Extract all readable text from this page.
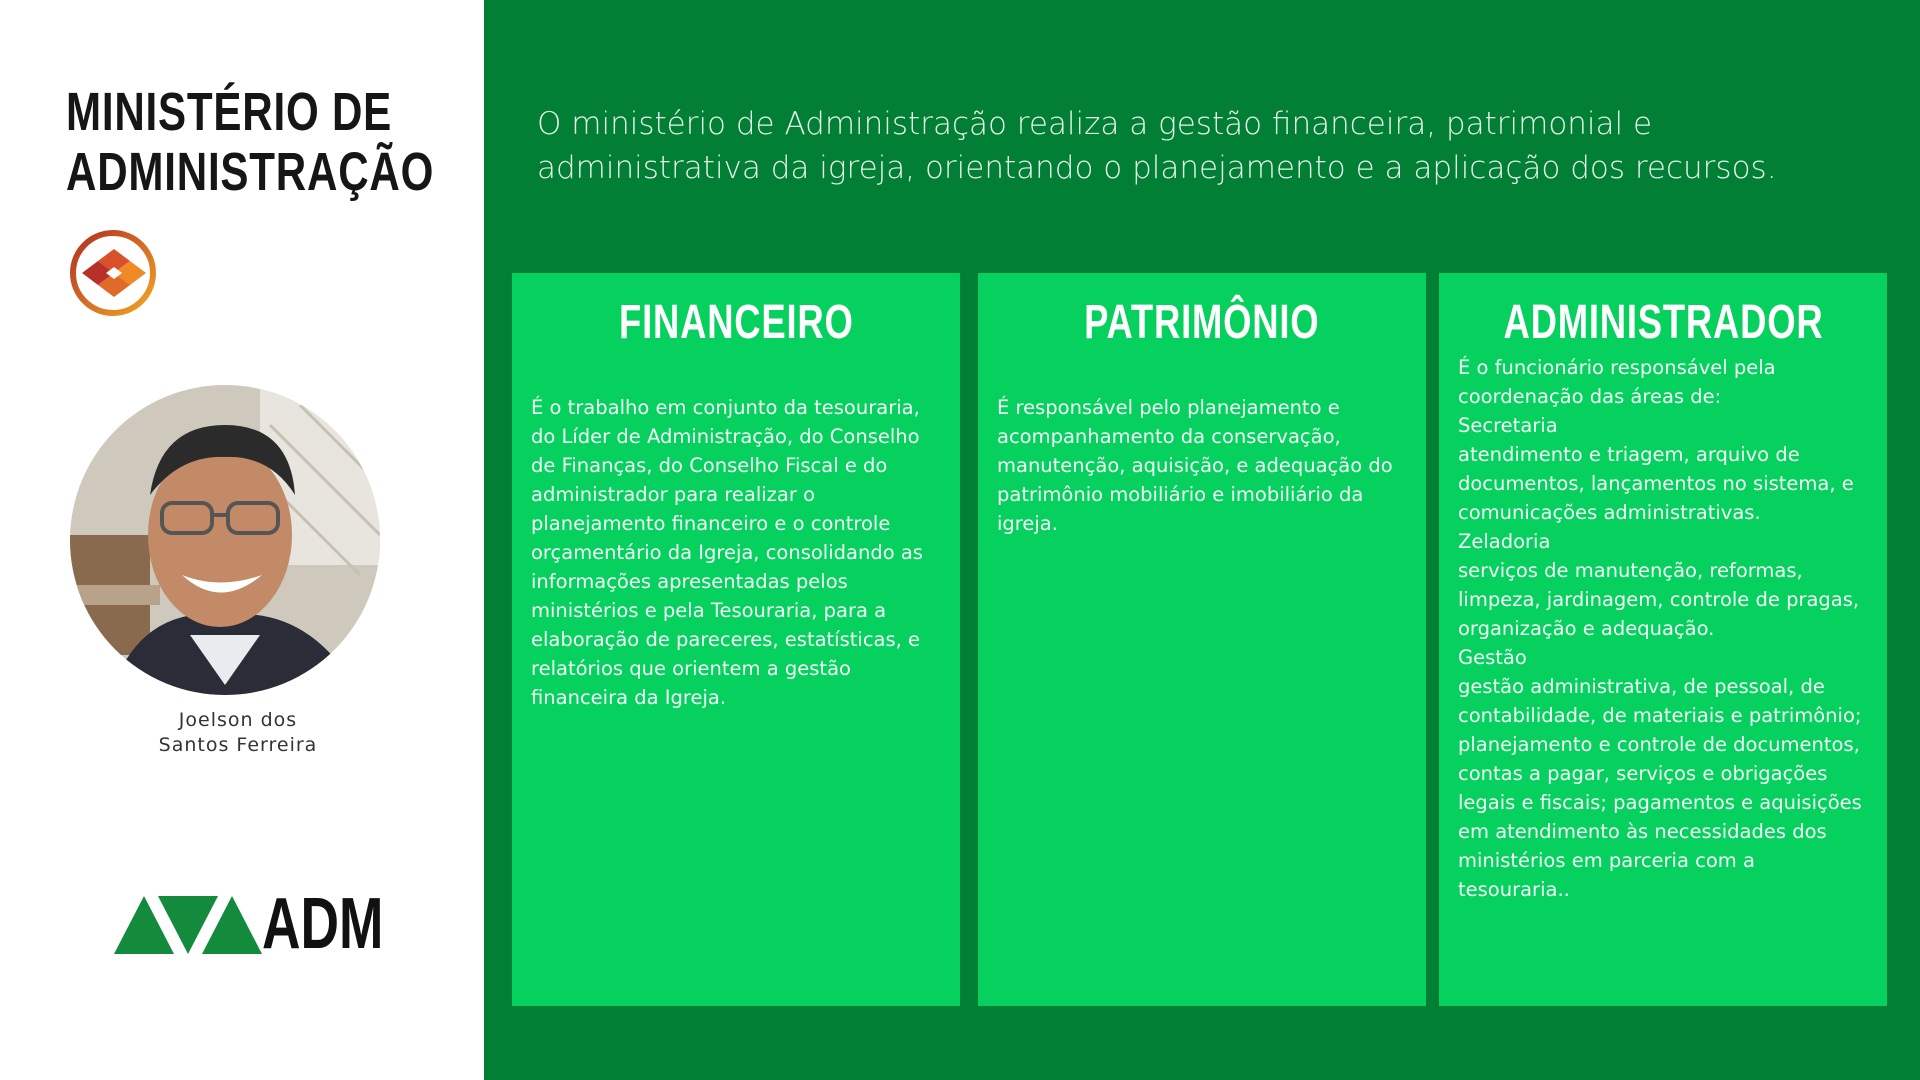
MINISTÉRIO DE
ADMINISTRAÇÃO
Joelson dos
Santos Ferreira
ADM

O ministério de Administração realiza a gestão financeira, patrimonial e administrativa da igreja, orientando o planejamento e a aplicação dos recursos.

FINANCEIRO

É o trabalho em conjunto da tesouraria, do Líder de Administração, do Conselho de Finanças, do Conselho Fiscal e do administrador para realizar o planejamento financeiro e o controle orçamentário da Igreja, consolidando as informações apresentadas pelos ministérios e pela Tesouraria, para a elaboração de pareceres, estatísticas, e relatórios que orientem a gestão financeira da Igreja.

PATRIMÔNIO

É responsável pelo planejamento e acompanhamento da conservação, manutenção, aquisição, e adequação do patrimônio mobiliário e imobiliário da igreja.

ADMINISTRADOR

É o funcionário responsável pela coordenação das áreas de:

Secretaria

atendimento e triagem, arquivo de documentos, lançamentos no sistema, e comunicações administrativas.

Zeladoria

serviços de manutenção, reformas, limpeza, jardinagem, controle de pragas, organização e adequação.

Gestão

gestão administrativa, de pessoal, de contabilidade, de materiais e patrimônio; planejamento e controle de documentos, contas a pagar, serviços e obrigações legais e fiscais; pagamentos e aquisições em atendimento às necessidades dos ministérios em parceria com a tesouraria..
